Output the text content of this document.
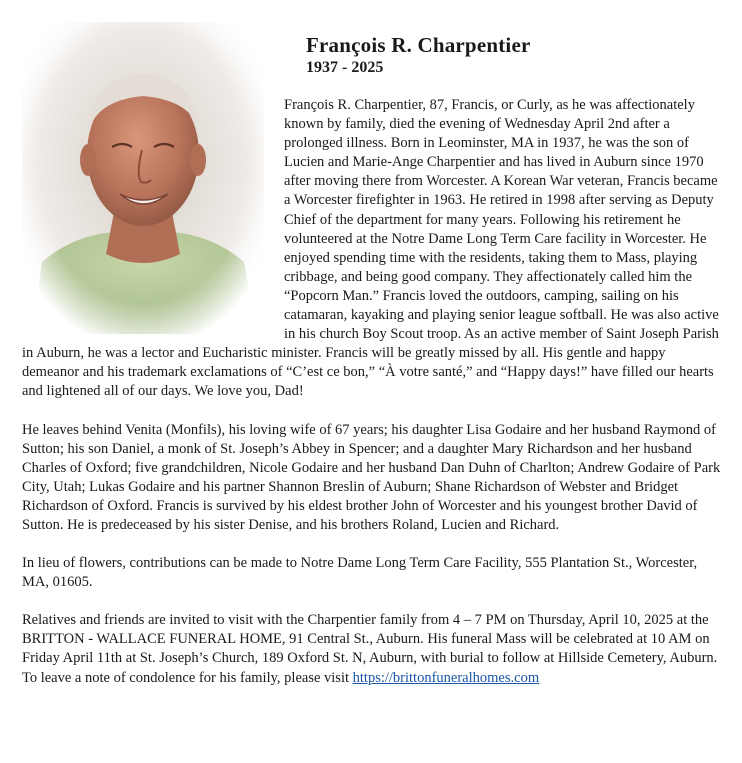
François R. Charpentier

1937 - 2025

François R. Charpentier, 87, Francis, or Curly, as he was affectionately known by family, died the evening of Wednesday April 2nd after a prolonged illness. Born in Leominster, MA in 1937, he was the son of Lucien and Marie-Ange Charpentier and has lived in Auburn since 1970 after moving there from Worcester. A Korean War veteran, Francis became a Worcester firefighter in 1963. He retired in 1998 after serving as Deputy Chief of the department for many years. Following his retirement he volunteered at the Notre Dame Long Term Care facility in Worcester. He enjoyed spending time with the residents, taking them to Mass, playing cribbage, and being good company. They affectionately called him the “Popcorn Man.” Francis loved the outdoors, camping, sailing on his catamaran, kayaking and playing senior league softball. He was also active in his church Boy Scout troop. As an active member of Saint Joseph Parish in Auburn, he was a lector and Eucharistic minister. Francis will be greatly missed by all. His gentle and happy demeanor and his trademark exclamations of “C’est ce bon,” “À votre santé,” and “Happy days!” have filled our hearts and lightened all of our days. We love you, Dad!

He leaves behind Venita (Monfils), his loving wife of 67 years; his daughter Lisa Godaire and her husband Raymond of Sutton; his son Daniel, a monk of St. Joseph’s Abbey in Spencer; and a daughter Mary Richardson and her husband Charles of Oxford; five grandchildren, Nicole Godaire and her husband Dan Duhn of Charlton; Andrew Godaire of Park City, Utah; Lukas Godaire and his partner Shannon Breslin of Auburn; Shane Richardson of Webster and Bridget Richardson of Oxford. Francis is survived by his eldest brother John of Worcester and his youngest brother David of Sutton. He is predeceased by his sister Denise, and his brothers Roland, Lucien and Richard.

In lieu of flowers, contributions can be made to Notre Dame Long Term Care Facility, 555 Plantation St., Worcester, MA, 01605.

Relatives and friends are invited to visit with the Charpentier family from 4 – 7 PM on Thursday, April 10, 2025 at the BRITTON - WALLACE FUNERAL HOME, 91 Central St., Auburn. His funeral Mass will be celebrated at 10 AM on Friday April 11th at St. Joseph’s Church, 189 Oxford St. N, Auburn, with burial to follow at Hillside Cemetery, Auburn. To leave a note of condolence for his family, please visit https://brittonfuneralhomes.com
